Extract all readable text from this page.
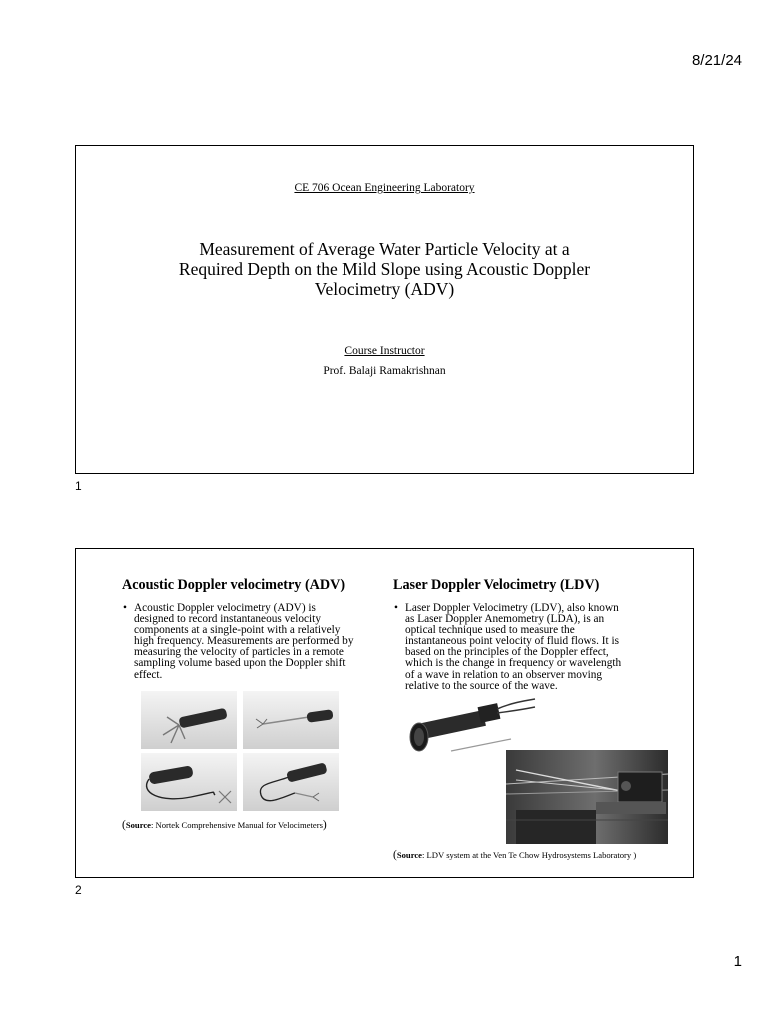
8/21/24
CE 706 Ocean Engineering Laboratory
Measurement of Average Water Particle Velocity at a
Required Depth on the Mild Slope using Acoustic Doppler
Velocimetry (ADV)
Course Instructor
Prof. Balaji Ramakrishnan
1
Acoustic Doppler velocimetry (ADV)
• Acoustic Doppler velocimetry (ADV) is
designed to record instantaneous velocity
components at a single-point with a relatively
high frequency. Measurements are performed by
measuring the velocity of particles in a remote
sampling volume based upon the Doppler shift
effect.
(Source: Nortek Comprehensive Manual for Velocimeters)
Laser Doppler Velocimetry (LDV)
• Laser Doppler Velocimetry (LDV), also known
as Laser Doppler Anemometry (LDA), is an
optical technique used to measure the
instantaneous point velocity of fluid flows. It is
based on the principles of the Doppler effect,
which is the change in frequency or wavelength
of a wave in relation to an observer moving
relative to the source of the wave.
(Source: LDV system at the Ven Te Chow Hydrosystems Laboratory )
2
1
